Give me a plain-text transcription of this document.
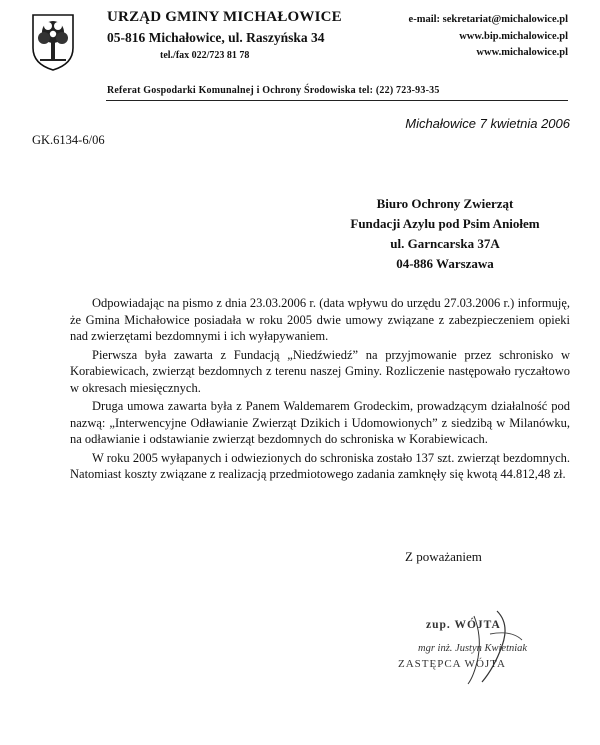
URZĄD GMINY MICHAŁOWICE
05-816 Michałowice, ul. Raszyńska 34
tel./fax 022/723 81 78
e-mail: sekretariat@michalowice.pl
www.bip.michalowice.pl
www.michalowice.pl
Referat Gospodarki Komunalnej i Ochrony Środowiska tel: (22) 723-93-35
Michałowice 7 kwietnia 2006
GK.6134-6/06
Biuro Ochrony Zwierząt
Fundacji Azylu pod Psim Aniołem
ul. Garncarska 37A
04-886 Warszawa

Odpowiadając na pismo z dnia 23.03.2006 r. (data wpływu do urzędu 27.03.2006 r.) informuję, że Gmina Michałowice posiadała w roku 2005 dwie umowy związane z zabezpieczeniem opieki nad zwierzętami bezdomnymi i ich wyłapywaniem.

Pierwsza była zawarta z Fundacją „Niedźwiedź” na przyjmowanie przez schronisko w Korabiewicach, zwierząt bezdomnych z terenu naszej Gminy. Rozliczenie następowało ryczałtowo w okresach miesięcznych.

Druga umowa zawarta była z Panem Waldemarem Grodeckim, prowadzącym działalność pod nazwą: „Interwencyjne Odławianie Zwierząt Dzikich i Udomowionych” z siedzibą w Milanówku, na odławianie i odstawianie zwierząt bezdomnych do schroniska w Korabiewicach.

W roku 2005 wyłapanych i odwiezionych do schroniska zostało 137 szt. zwierząt bezdomnych. Natomiast koszty związane z realizacją przedmiotowego zadania zamknęły się kwotą 44.812,48 zł.

Z poważaniem
zup. WÓJTA
mgr inż. Justyn Kwietniak
ZASTĘPCA WÓJTA
